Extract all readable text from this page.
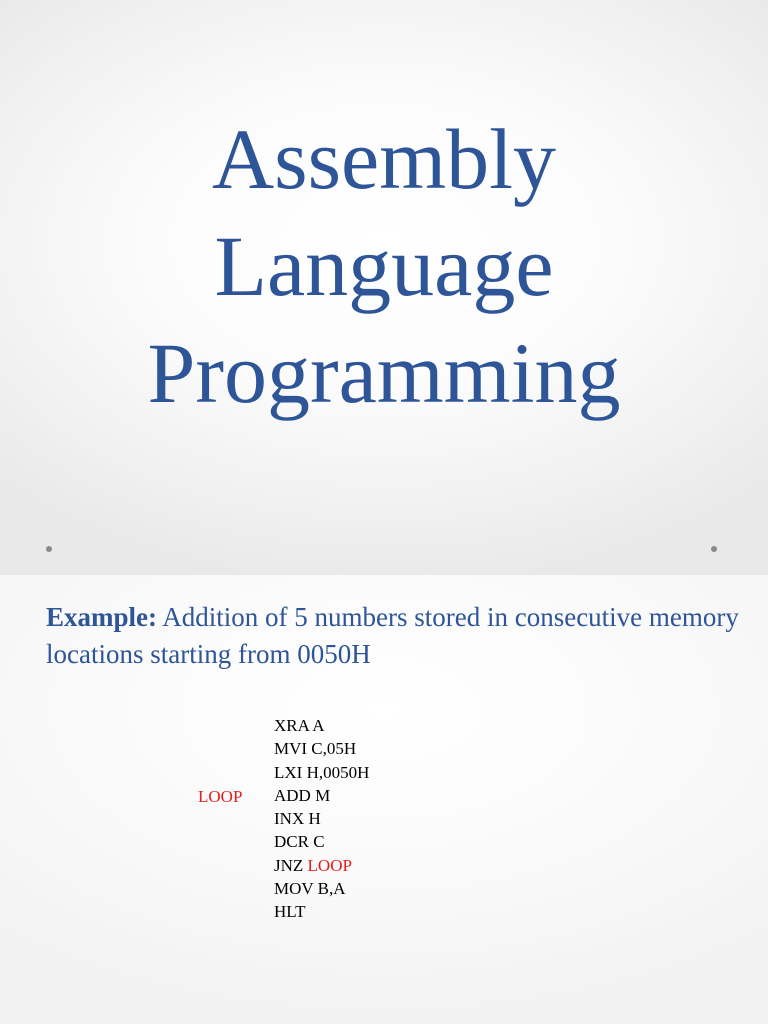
Assembly
Language
Programming

Example: Addition of 5 numbers stored in consecutive memory locations starting from 0050H

LOOP
XRA A
MVI C,05H
LXI H,0050H
ADD M
INX H
DCR C
JNZ LOOP
MOV B,A
HLT
